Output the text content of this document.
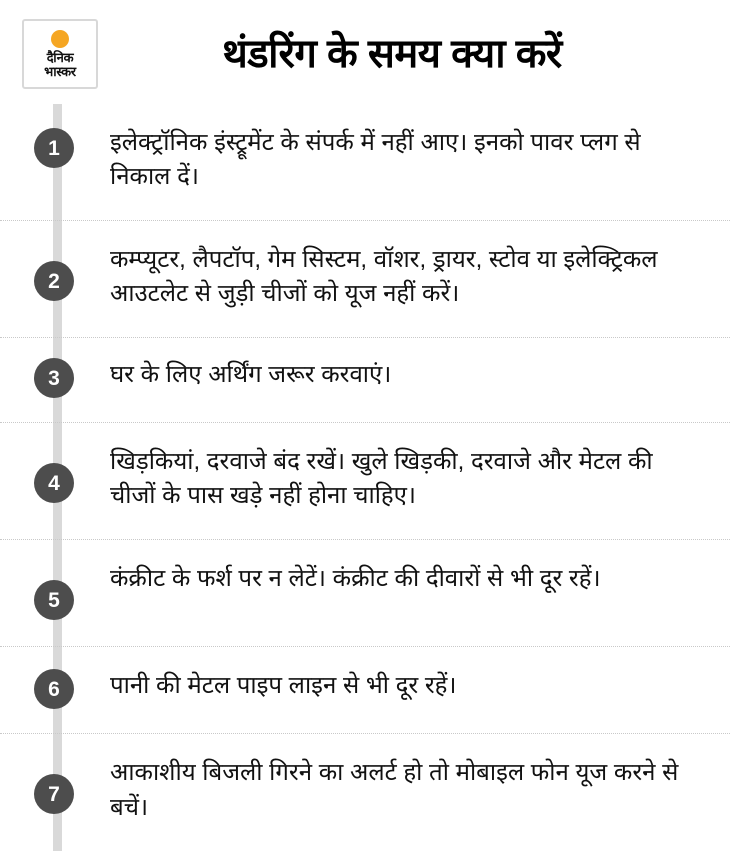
दैनिक
भास्कर	थंडरिंग के समय क्या करें
1	इलेक्ट्रॉनिक इंस्ट्रूमेंट के संपर्क में नहीं आए। इनको पावर प्लग से निकाल दें।
2
कम्प्यूटर, लैपटॉप, गेम सिस्टम, वॉशर, ड्रायर, स्टोव या इलेक्ट्रिकल आउटलेट से जुड़ी चीजों को यूज नहीं करें।
3	घर के लिए अर्थिंग जरूर करवाएं।
4
खिड़कियां, दरवाजे बंद रखें। खुले खिड़की, दरवाजे और मेटल की चीजों के पास खड़े नहीं होना चाहिए।
5
कंक्रीट के फर्श पर न लेटें। कंक्रीट की दीवारों से भी दूर रहें।
6	पानी की मेटल पाइप लाइन से भी दूर रहें।
7
आकाशीय बिजली गिरने का अलर्ट हो तो मोबाइल फोन यूज करने से बचें।
